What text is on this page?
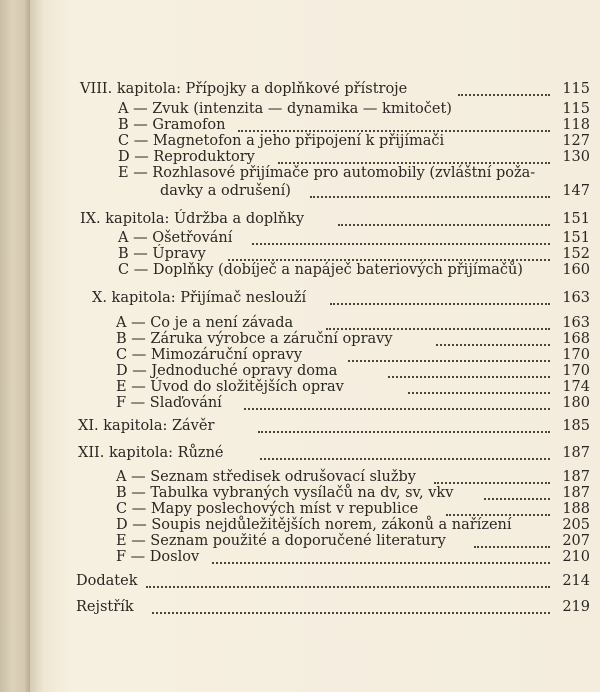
VIII. kapitola: Přípojky a doplňkové přístroje	115
A — Zvuk (intenzita — dynamika — kmitočet)	115
B — Gramofon	118
C — Magnetofon a jeho připojení k přijímači	127
D — Reproduktory	130
E — Rozhlasové přijímače pro automobily (zvláštní poža-
davky a odrušení)	147
IX. kapitola: Údržba a doplňky	151
A — Ošetřování	151
B — Úpravy	152
C — Doplňky (dobíječ a napáječ bateriových přijímačů)	160
X. kapitola: Přijímač neslouží	163
A — Co je a není závada	163
B — Záruka výrobce a záruční opravy	168
C — Mimozáruční opravy	170
D — Jednoduché opravy doma	170
E — Úvod do složitějších oprav	174
F — Slaďování	180
XI. kapitola: Závěr	185
XII. kapitola: Různé	187
A — Seznam středisek odrušovací služby	187
B — Tabulka vybraných vysílačů na dv, sv, vkv	187
C — Mapy poslechových míst v republice	188
D — Soupis nejdůležitějších norem, zákonů a nařízení	205
E — Seznam použité a doporučené literatury	207
F — Doslov	210
Dodatek	214
Rejstřík	219
